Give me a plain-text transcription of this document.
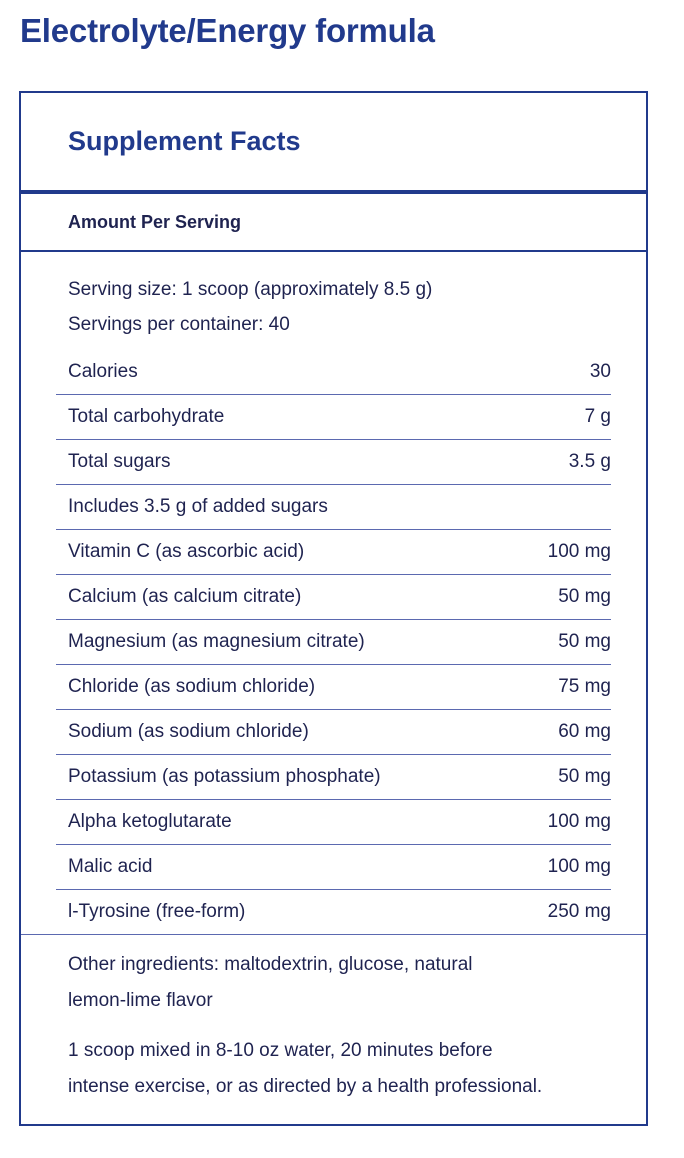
Electrolyte/Energy formula
Supplement Facts
Amount Per Serving
Serving size: 1 scoop (approximately 8.5 g)
Servings per container: 40
Calories	30
Total carbohydrate	7 g
Total sugars	3.5 g
Includes 3.5 g of added sugars
Vitamin C (as ascorbic acid)	100 mg
Calcium (as calcium citrate)	50 mg
Magnesium (as magnesium citrate)	50 mg
Chloride (as sodium chloride)	75 mg
Sodium (as sodium chloride)	60 mg
Potassium (as potassium phosphate)	50 mg
Alpha ketoglutarate	100 mg
Malic acid	100 mg
l-Tyrosine (free-form)	250 mg
Other ingredients: maltodextrin, glucose, natural
lemon-lime flavor
1 scoop mixed in 8-10 oz water, 20 minutes before
intense exercise, or as directed by a health professional.
